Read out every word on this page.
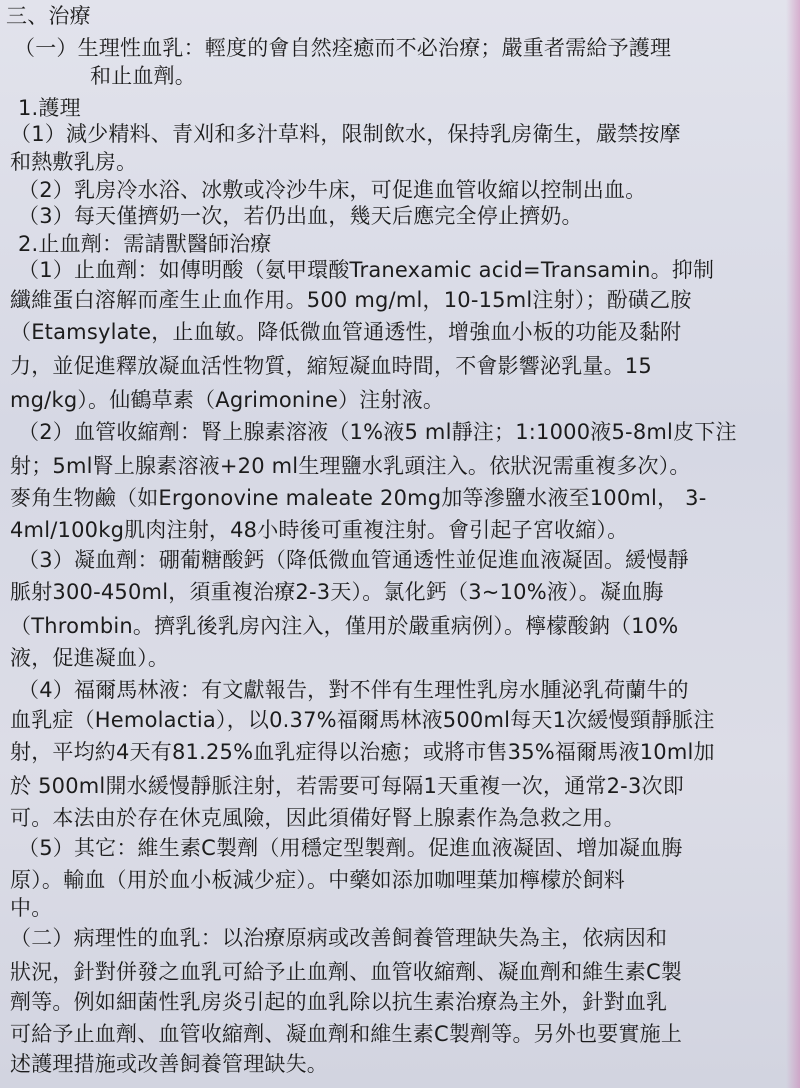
三、治療
（一）生理性血乳：輕度的會自然痊癒而不必治療；嚴重者需給予護理
和止血劑。
1.護理
（1）減少精料、青刈和多汁草料，限制飲水，保持乳房衛生，嚴禁按摩
和熱敷乳房。
（2）乳房冷水浴、冰敷或冷沙牛床，可促進血管收縮以控制出血。
（3）每天僅擠奶一次，若仍出血，幾天后應完全停止擠奶。
2.止血劑：需請獸醫師治療
（1）止血劑：如傳明酸（氨甲環酸Tranexamic acid=Transamin。抑制
纖維蛋白溶解而產生止血作用。500 mg/ml，10-15ml注射）；酚磺乙胺
（Etamsylate，止血敏。降低微血管通透性，增強血小板的功能及黏附
力，並促進釋放凝血活性物質，縮短凝血時間，不會影響泌乳量。15
mg/kg）。仙鶴草素（Agrimonine）注射液。
（2）血管收縮劑：腎上腺素溶液（1%液5 ml靜注；1:1000液5-8ml皮下注
射；5ml腎上腺素溶液+20 ml生理鹽水乳頭注入。依狀況需重複多次）。
麥角生物鹼（如Ergonovine maleate 20mg加等滲鹽水液至100ml， 3-
4ml/100kg肌肉注射，48小時後可重複注射。會引起子宮收縮）。
（3）凝血劑：硼葡糖酸鈣（降低微血管通透性並促進血液凝固。緩慢靜
脈射300-450ml，須重複治療2-3天）。氯化鈣（3~10%液）。凝血脢
（Thrombin。擠乳後乳房內注入，僅用於嚴重病例）。檸檬酸鈉（10%
液，促進凝血）。
（4）福爾馬林液：有文獻報告，對不伴有生理性乳房水腫泌乳荷蘭牛的
血乳症（Hemolactia），以0.37%福爾馬林液500ml每天1次緩慢頸靜脈注
射，平均約4天有81.25%血乳症得以治癒；或將市售35%福爾馬液10ml加
於 500ml開水緩慢靜脈注射，若需要可每隔1天重複一次，通常2-3次即
可。本法由於存在休克風險，因此須備好腎上腺素作為急救之用。
（5）其它：維生素C製劑（用穩定型製劑。促進血液凝固、增加凝血脢
原）。輸血（用於血小板減少症）。中藥如添加咖哩葉加檸檬於飼料
中。
（二）病理性的血乳：以治療原病或改善飼養管理缺失為主，依病因和
狀況，針對併發之血乳可給予止血劑、血管收縮劑、凝血劑和維生素C製
劑等。例如細菌性乳房炎引起的血乳除以抗生素治療為主外，針對血乳
可給予止血劑、血管收縮劑、凝血劑和維生素C製劑等。另外也要實施上
述護理措施或改善飼養管理缺失。
